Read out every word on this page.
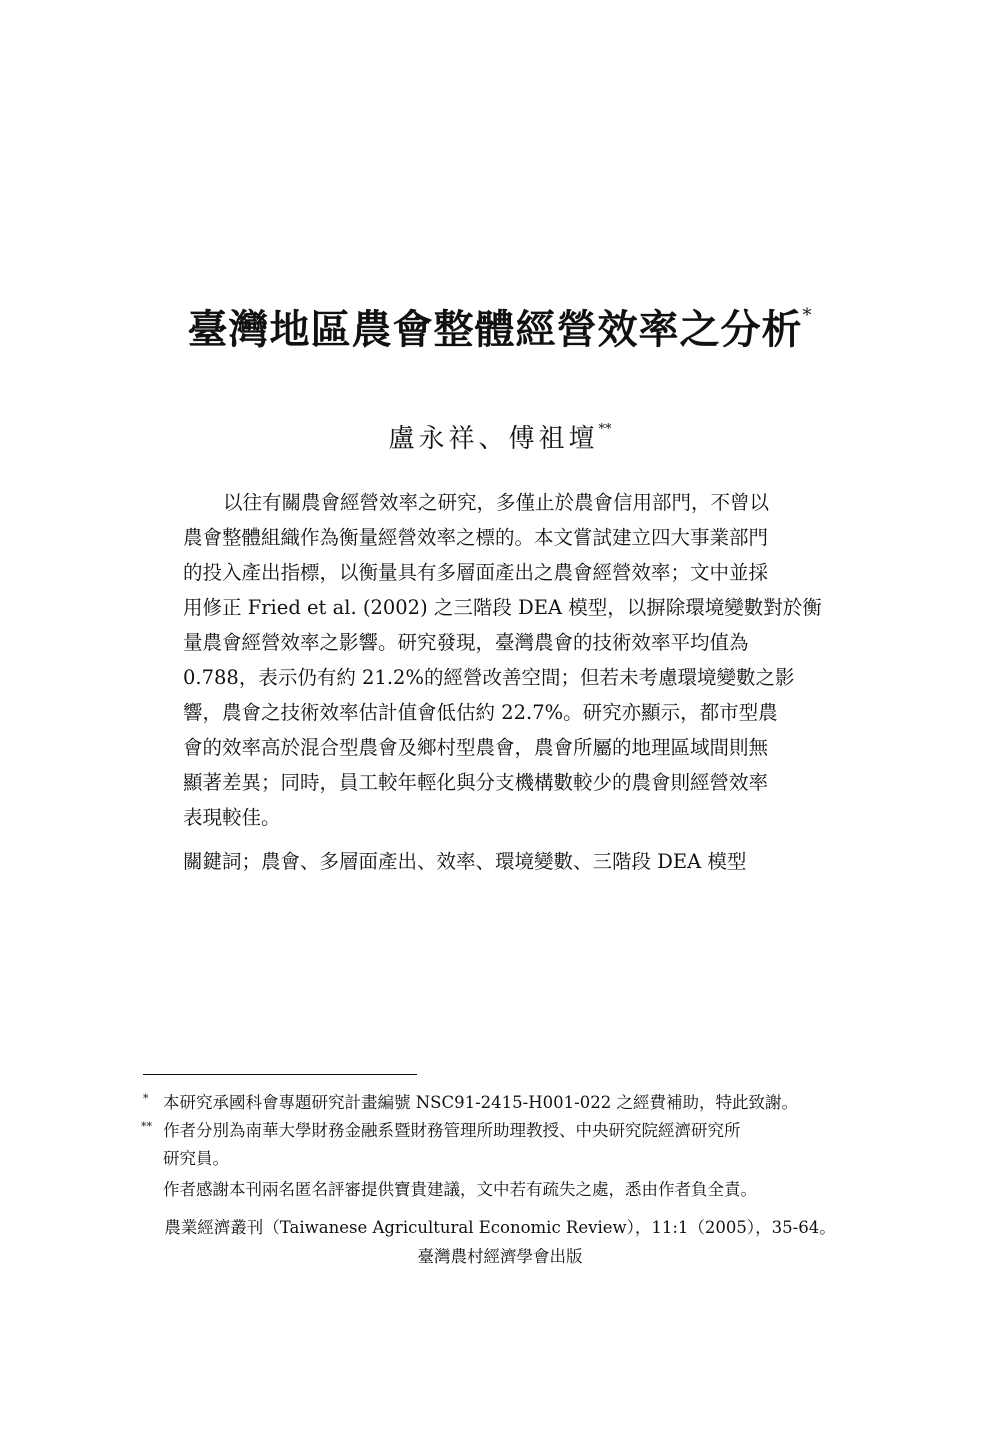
臺灣地區農會整體經營效率之分析*
盧永祥、傅祖壇**
以往有關農會經營效率之研究，多僅止於農會信用部門，不曾以
農會整體組織作為衡量經營效率之標的。本文嘗試建立四大事業部門
的投入產出指標，以衡量具有多層面產出之農會經營效率；文中並採
用修正 Fried et al. (2002) 之三階段 DEA 模型，以摒除環境變數對於衡
量農會經營效率之影響。研究發現，臺灣農會的技術效率平均值為
0.788，表示仍有約 21.2%的經營改善空間；但若未考慮環境變數之影
響，農會之技術效率估計值會低估約 22.7%。研究亦顯示，都市型農
會的效率高於混合型農會及鄉村型農會，農會所屬的地理區域間則無
顯著差異；同時，員工較年輕化與分支機構數較少的農會則經營效率
表現較佳。
關鍵詞；農會、多層面產出、效率、環境變數、三階段 DEA 模型
* 本研究承國科會專題研究計畫編號 NSC91-2415-H001-022 之經費補助，特此致謝。
** 作者分別為南華大學財務金融系暨財務管理所助理教授、中央研究院經濟研究所
研究員。
作者感謝本刊兩名匿名評審提供寶貴建議，文中若有疏失之處，悉由作者負全責。
農業經濟叢刊（Taiwanese Agricultural Economic Review），11:1（2005），35-64。
臺灣農村經濟學會出版
